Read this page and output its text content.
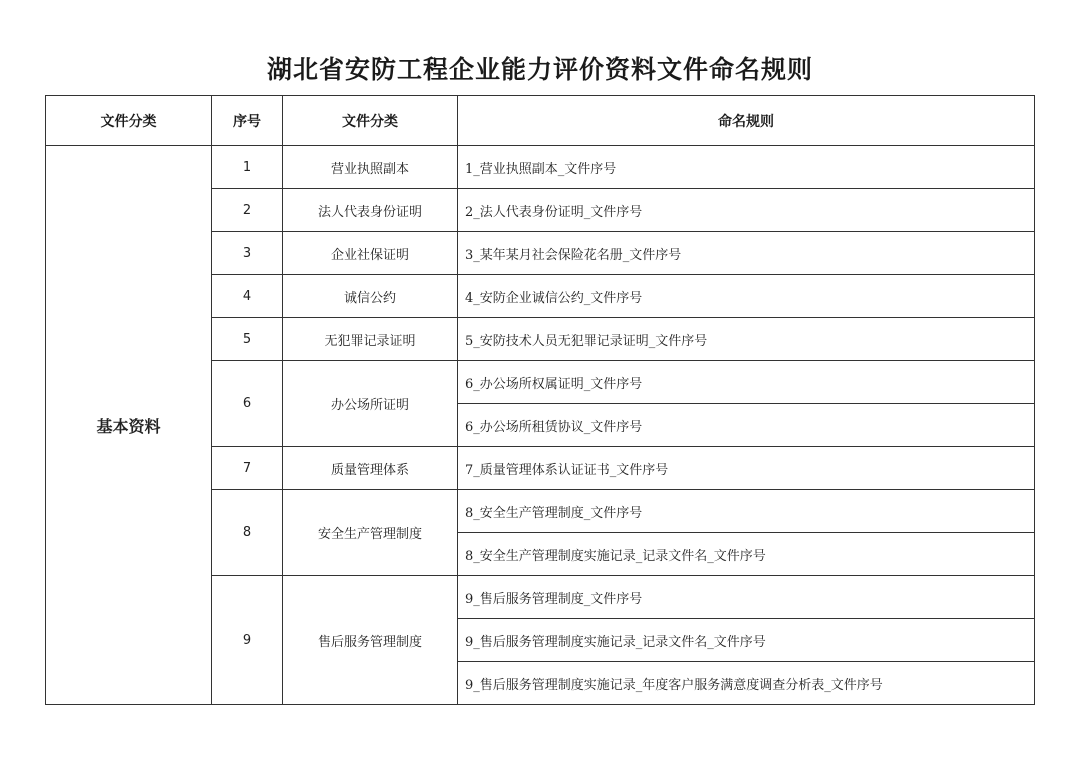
湖北省安防工程企业能力评价资料文件命名规则
文件分类	序号	文件分类	命名规则
基本资料	1	营业执照副本	1_营业执照副本_文件序号
	2	法人代表身份证明	2_法人代表身份证明_文件序号
	3	企业社保证明	3_某年某月社会保险花名册_文件序号
	4	诚信公约	4_安防企业诚信公约_文件序号
	5	无犯罪记录证明	5_安防技术人员无犯罪记录证明_文件序号
	6	办公场所证明	6_办公场所权属证明_文件序号
			6_办公场所租赁协议_文件序号
	7	质量管理体系	7_质量管理体系认证证书_文件序号
	8	安全生产管理制度	8_安全生产管理制度_文件序号
			8_安全生产管理制度实施记录_记录文件名_文件序号
	9	售后服务管理制度	9_售后服务管理制度_文件序号
			9_售后服务管理制度实施记录_记录文件名_文件序号
			9_售后服务管理制度实施记录_年度客户服务满意度调查分析表_文件序号
